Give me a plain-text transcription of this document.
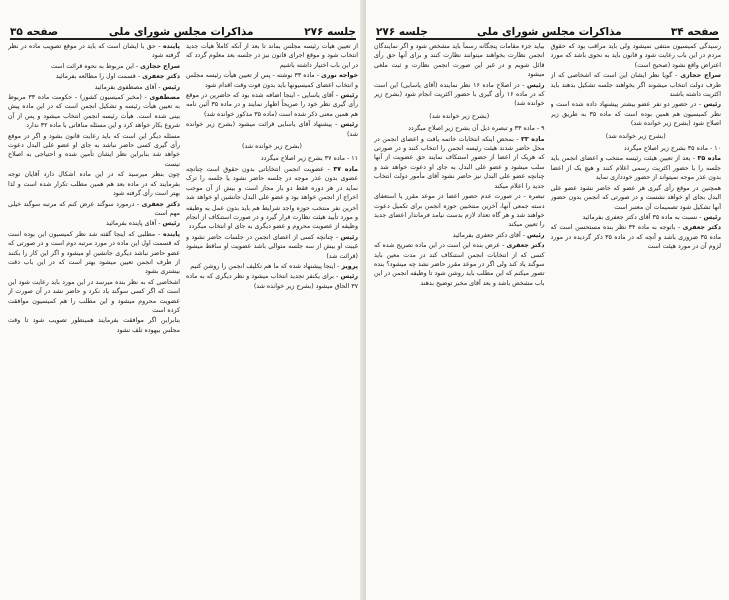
جلسه ۲۷۶
مذاکرات مجلس شورای ملی
صفحه ۳۵

از تعیین هیأت رئیسه مجلس بماند تا بعد از آنکه کاملاً هیأت جدید انتخاب شود و موقع اجرای قانون نیز در جلسه بعد معلوم گردد که در این باب اختیار داشته باشیم

خواجه نوری - ماده ۳۳ نوشته - پس از تعیین هیأت رئیسه مجلس و انتخاب اعضای کمیسیونها باید بدون فوت وقت اقدام شود

رئیس - آقای یاسایی - اینجا اضافه شده بود که حاضرین در موقع رأی گیری نظر خود را صریحاً اظهار نمایند و در ماده ۳۵ آئین نامه هم همین معنی ذکر شده است (ماده ۳۵ مذکور خوانده شد)

رئیس - پیشنهاد آقای یاسایی قرائت میشود (بشرح زیر خوانده شد)

(بشرح زیر خوانده شد)

۱۱ - ماده ۳۷ بشرح زیر اصلاح میگردد

ماده ۳۷ - عضویت انجمن انتخاباتی بدون حقوق است چنانچه عضوی بدون عذر موجه در جلسه حاضر نشود یا جلسه را ترک نماید در هر دوره فقط دو بار مجاز است و بیش از آن موجب اخراج از انجمن خواهد بود و عضو علی البدل جانشین او خواهد شد

آخرین نفر منتخب حوزه واجد شرایط هم باید بدون عمل به وظیفه و مورد تأیید هیئت نظارت قرار گیرد و در صورت استنکاف از انجام وظیفه از عضویت محروم و عضو دیگری به جای او انتخاب میگردد

رئیس - چنانچه کسی از اعضای انجمن در جلسات حاضر نشود و غیبت او بیش از سه جلسه متوالی باشد عضویت او ساقط میشود (قرائت شد)

پرویز - اینجا پیشنهاد شده که ما هم تکلیف انجمن را روشن کنیم

رئیس - برای یکنفر تجدید انتخاب میشود و نظر دیگری که به ماده ۳۷ الحاق میشود (بشرح زیر خوانده شد)

پاینده - حق با ایشان است که باید در موقع تصویب ماده در نظر گرفته شود

سراج حجازی - این مربوط به نحوه قرائت است

دکتر جعفری - قسمت اول را مطالعه بفرمائید

رئیس - آقای مصطفوی بفرمائید

مصطفوی - (مخبر کمیسیون کشور) - حکومت ماده ۳۳ مربوط به تعیین هیأت رئیسه و تشکیل انجمن است که در این ماده پیش بینی شده است. هیأت رئیسه انجمن انتخاب میشود و پس از آن شروع بکار خواهد کرد و این مسئله منافاتی با ماده ۳۲ ندارد

مسئله دیگر این است که باید رعایت قانون بشود و اگر در موقع رأی گیری کسی حاضر نباشد به جای او عضو علی البدل دعوت خواهد شد بنابراین نظر ایشان تأمین شده و احتیاجی به اصلاح نیست

چون بنظر میرسید که در این ماده اشکال دارد آقایان توجه بفرمایند که در ماده بعد هم همین مطلب تکرار شده است و لذا بهتر است رأی گرفته شود

دکتر جعفری - درمورد سوگند عرض کنم که مرتبه سوگند خیلی مهم است

رئیس - آقای پاینده بفرمائید

پاینده - مطلبی که اینجا گفته شد نظر کمیسیون این بوده است که قسمت اول این ماده در مورد مرتبه دوم است و در صورتی که عضو حاضر نباشد دیگری جانشین او میشود و اگر این کار را بکنند از طرف انجمن تعیین میشود بهتر است که در این باب دقت بیشتری بشود

اشخاصی که به نظر بنده میرسد در این مورد باید رعایت شود این است که اگر کسی سوگند یاد نکرد و حاضر نشد در آن صورت از عضویت محروم میشود و این مطلب را هم کمیسیون موافقت کرده است

بنابراین اگر موافقت بفرمایند همینطور تصویب شود تا وقت مجلس بیهوده تلف نشود

صفحه ۳۴
مذاکرات مجلس شورای ملی
جلسه ۲۷۶

رسیدگی کمیسیون منتفی نمیشود ولی باید مراقب بود که حقوق مردم در این باب رعایت شود و قانون باید به نحوی باشد که مورد اعتراض واقع نشود (صحیح است)

سراج حجازی - گویا نظر ایشان این است که اشخاصی که از طرف دولت انتخاب میشوند اگر بخواهند جلسه تشکیل بدهند باید اکثریت داشته باشند

رئیس - در حضور دو نفر عضو بیشتر پیشنهاد داده شده است و نظر کمیسیون هم همین بوده است که ماده ۳۵ به طریق زیر اصلاح شود (بشرح زیر خوانده شد)

(بشرح زیر خوانده شد)

۱۰ - ماده ۳۵ بشرح زیر اصلاح میگردد

ماده ۳۵ - بعد از تعیین هیئت رئیسه منتخب و اعضای انجمن باید جلسه را با حضور اکثریت رسمی اعلام کنند و هیچ یک از اعضا بدون عذر موجه نمیتواند از حضور خودداری نماید

همچنین در موقع رأی گیری هر عضو که حاضر نشود عضو علی البدل بجای او خواهد نشست و در صورتی که انجمن بدون حضور آنها تشکیل شود تصمیمات آن معتبر است

رئیس - نسبت به ماده ۳۵ آقای دکتر جعفری بفرمائید

دکتر جعفری - باتوجه به ماده ۳۴ نظر بنده مستحسن است که ماده ۳۵ ضروری باشد و آنچه که در ماده ۳۵ ذکر گردیده در مورد لزوم آن در مورد هیئت است

بیاید جزء مقامات پنجگانه رسماً باید مشخص شود و اگر نمایندگان انجمن نظارت بخواهند میتوانند نظارت کنند و برای آنها حق رأی قائل شویم و در غیر این صورت انجمن نظارت و ثبت ملغی میشود

رئیس - در اصلاح ماده ۱۶ نظر نماینده (آقای یاسایی) این است که در ماده ۱۶ رأی گیری با حضور اکثریت انجام شود (بشرح زیر خوانده شد)

(بشرح زیر خوانده شد)

۹ - ماده ۳۳ و تبصره ذیل آن بشرح زیر اصلاح میگردد

ماده ۳۳ - بمحض اینکه انتخابات خاتمه یافت و اعضای انجمن در محل حاضر شدند هیئت رئیسه انجمن را انتخاب کنند و در صورتی که هریک از اعضا از حضور استنکاف نمایند حق عضویت از آنها سلب میشود و عضو علی البدل به جای او دعوت خواهد شد و چنانچه عضو علی البدل نیز حاضر نشود آقای مأمور دولت انتخاب جدید را اعلام میکند

تبصره - در صورت عدم حضور اعضا در موعد مقرر یا استعفای دسته جمعی آنها، آخرین منتخبین حوزه انجمن برای تکمیل دعوت خواهند شد و هر گاه تعداد لازم بدست نیامد فرماندار اعضای جدید را تعیین میکند

رئیس - آقای دکتر جعفری بفرمائید

دکتر جعفری - عرض بنده این است در این ماده تصریح شده که کسی که از انتخابات انجمن استنکاف کند در مدت معین باید سوگند یاد کند ولی اگر در موعد مقرر حاضر نشد چه میشود؟ بنده تصور میکنم که این مطلب باید روشن شود تا وظیفه انجمن در این باب مشخص باشد و بعد آقای مخبر توضیح بدهند
